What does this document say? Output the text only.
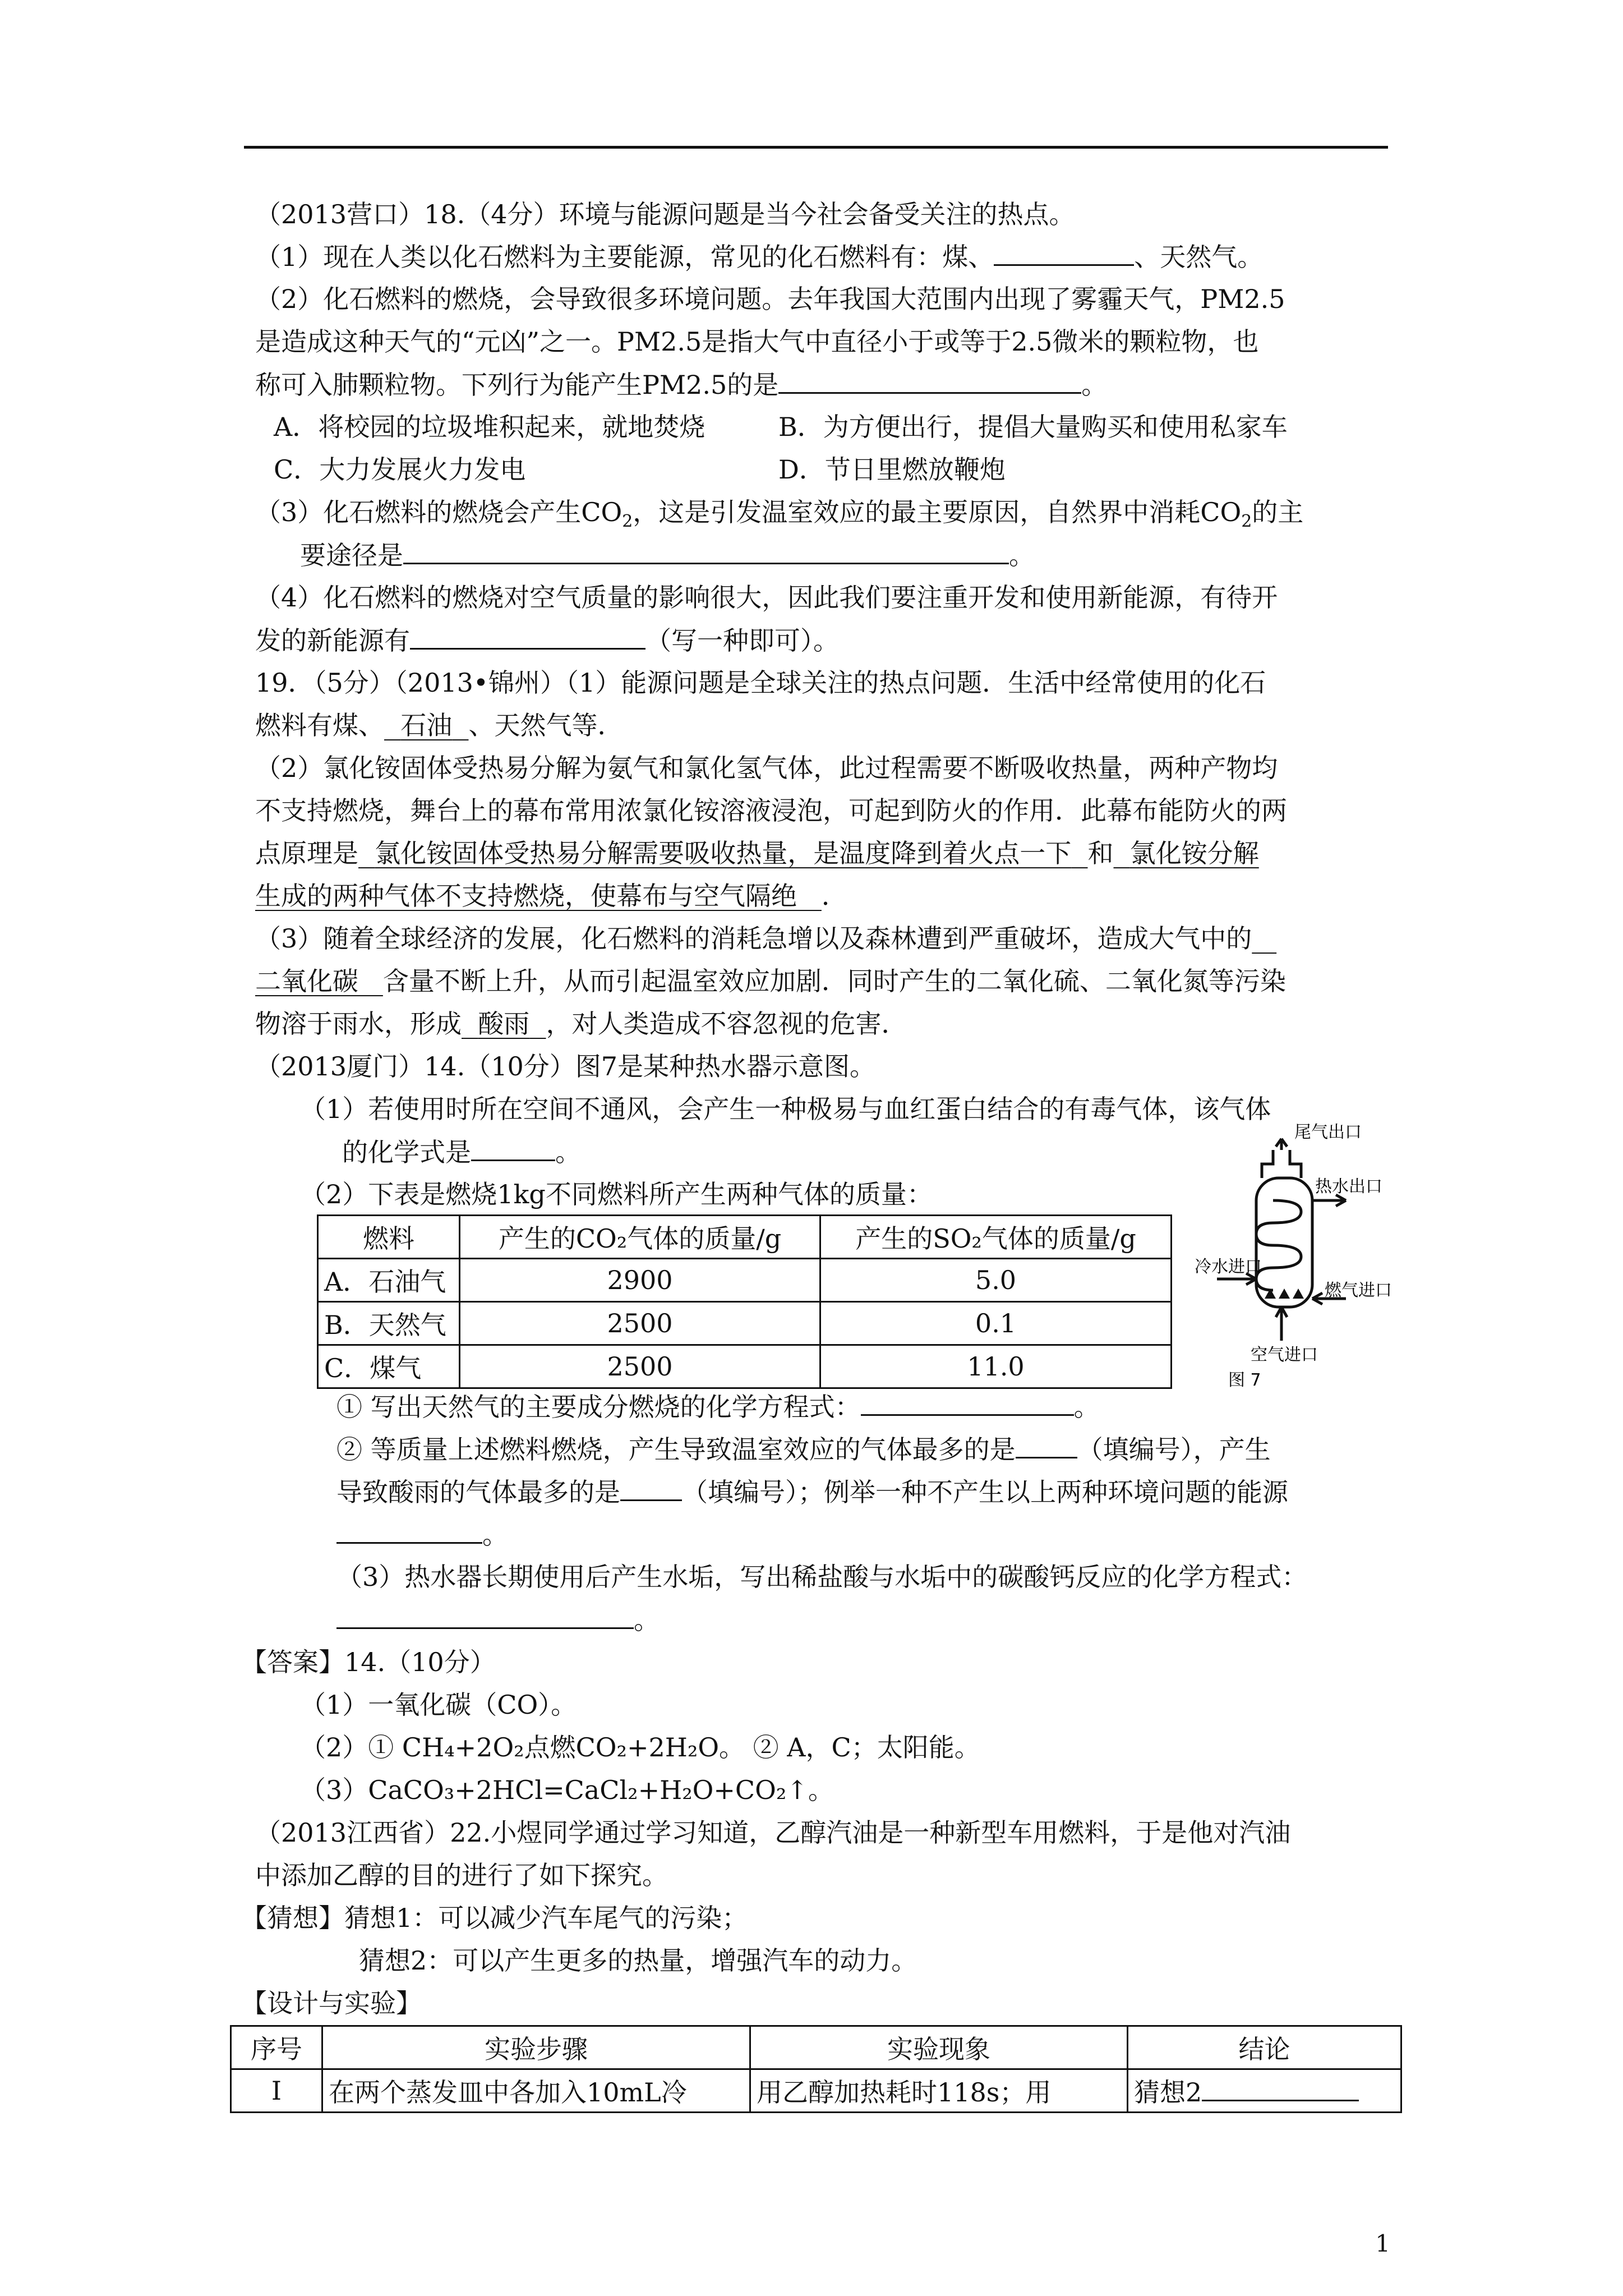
（2013营口）18.（4分）环境与能源问题是当今社会备受关注的热点。
（1）现在人类以化石燃料为主要能源，常见的化石燃料有：煤、	、天然气。
（2）化石燃料的燃烧，会导致很多环境问题。去年我国大范围内出现了雾霾天气，PM2.5
是造成这种天气的“元凶”之一。PM2.5是指大气中直径小于或等于2.5微米的颗粒物，也
称可入肺颗粒物。下列行为能产生PM2.5的是	。
A．将校园的垃圾堆积起来，就地焚烧	B．为方便出行，提倡大量购买和使用私家车
C．大力发展火力发电	D．节日里燃放鞭炮
（3）化石燃料的燃烧会产生$CO_2$，这是引发温室效应的最主要原因，自然界中消耗$CO_2$的主
要途径是	。
（4）化石燃料的燃烧对空气质量的影响很大，因此我们要注重开发和使用新能源，有待开
发的新能源有	（写一种即可）。
19．（5分）（2013•锦州）（1）能源问题是全球关注的热点问题．生活中经常使用的化石
燃料有煤、 石油 、天然气等．
（2）氯化铵固体受热易分解为氨气和氯化氢气体，此过程需要不断吸收热量，两种产物均
不支持燃烧，舞台上的幕布常用浓氯化铵溶液浸泡，可起到防火的作用．此幕布能防火的两
点原理是 氯化铵固体受热易分解需要吸收热量，是温度降到着火点一下 和 氯化铵分解
生成的两种气体不支持燃烧，使幕布与空气隔绝 ．
（3）随着全球经济的发展，化石燃料的消耗急增以及森林遭到严重破坏，造成大气中的
二氧化碳 含量不断上升，从而引起温室效应加剧．同时产生的二氧化硫、二氧化氮等污染
物溶于雨水，形成 酸雨 ，对人类造成不容忽视的危害．
（2013厦门）14.（10分）图7是某种热水器示意图。
（1）若使用时所在空间不通风，会产生一种极易与血红蛋白结合的有毒气体，该气体
的化学式是	。
（2）下表是燃烧1kg不同燃料所产生两种气体的质量：
燃料	产生的CO₂气体的质量/g	产生的SO₂气体的质量/g
A．石油气	2900	5.0
B．天然气	2500	0.1
C．煤气	2500	11.0
尾气出口
热水出口
冷水进口
燃气进口
空气进口
图 7
① 写出天然气的主要成分燃烧的化学方程式：	。
② 等质量上述燃料燃烧，产生导致温室效应的气体最多的是 （填编号），产生
导致酸雨的气体最多的是 （填编号）；例举一种不产生以上两种环境问题的能源
。
（3）热水器长期使用后产生水垢，写出稀盐酸与水垢中的碳酸钙反应的化学方程式：
。
【答案】14.（10分）
（1）一氧化碳（CO）。
（2）① CH₄+2O₂点燃CO₂+2H₂O。 ② A，C；太阳能。
（3）CaCO₃+2HCl=CaCl₂+H₂O+CO₂↑。
（2013江西省）22.小煜同学通过学习知道，乙醇汽油是一种新型车用燃料，于是他对汽油
中添加乙醇的目的进行了如下探究。
【猜想】猜想1：可以减少汽车尾气的污染；
猜想2：可以产生更多的热量，增强汽车的动力。
【设计与实验】
序号	实验步骤	实验现象	结论
Ⅰ	在两个蒸发皿中各加入10mL冷	用乙醇加热耗时118s；用	猜想2
1
